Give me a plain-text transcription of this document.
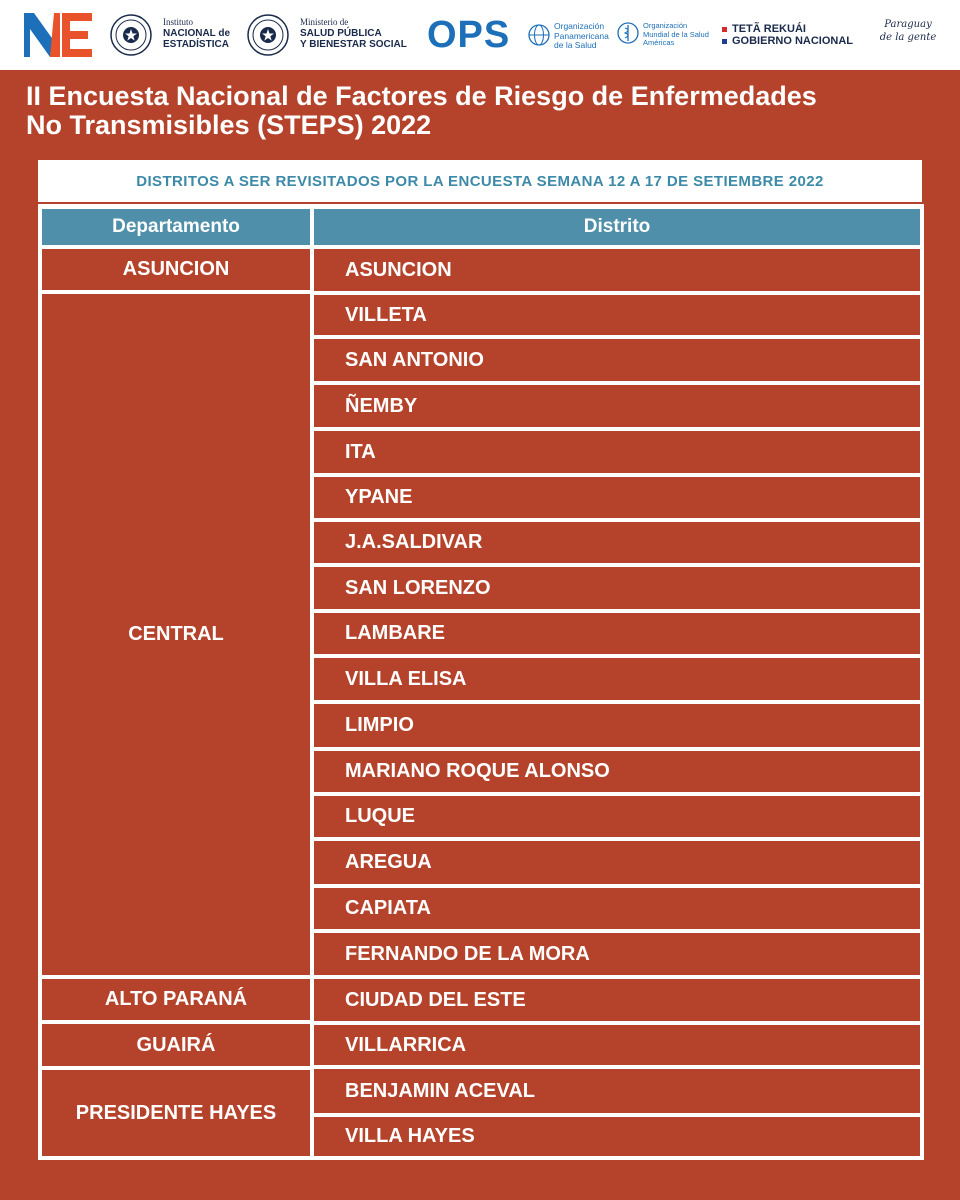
Instituto
NACIONAL de
ESTADÍSTICA
Ministerio de
SALUD PÚBLICA
Y BIENESTAR SOCIAL OPS	Organización
Panamericana
de la Salud
Organización
Mundial de la Salud
Américas
TETÃ REKUÁI
GOBIERNO NACIONAL
Paraguay
de la gente
II Encuesta Nacional de Factores de Riesgo de Enfermedades
No Transmisibles (STEPS) 2022
DISTRITOS A SER REVISITADOS POR LA ENCUESTA SEMANA 12 A 17 DE SETIEMBRE 2022
Departamento	Distrito
ASUNCION
CENTRAL
ALTO PARANÁ
GUAIRÁ
PRESIDENTE HAYES
ASUNCION
VILLETA
SAN ANTONIO
ÑEMBY
ITA
YPANE
J.A.SALDIVAR
SAN LORENZO
LAMBARE
VILLA ELISA
LIMPIO
MARIANO ROQUE ALONSO
LUQUE
AREGUA
CAPIATA
FERNANDO DE LA MORA
CIUDAD DEL ESTE
VILLARRICA
BENJAMIN ACEVAL
VILLA HAYES
